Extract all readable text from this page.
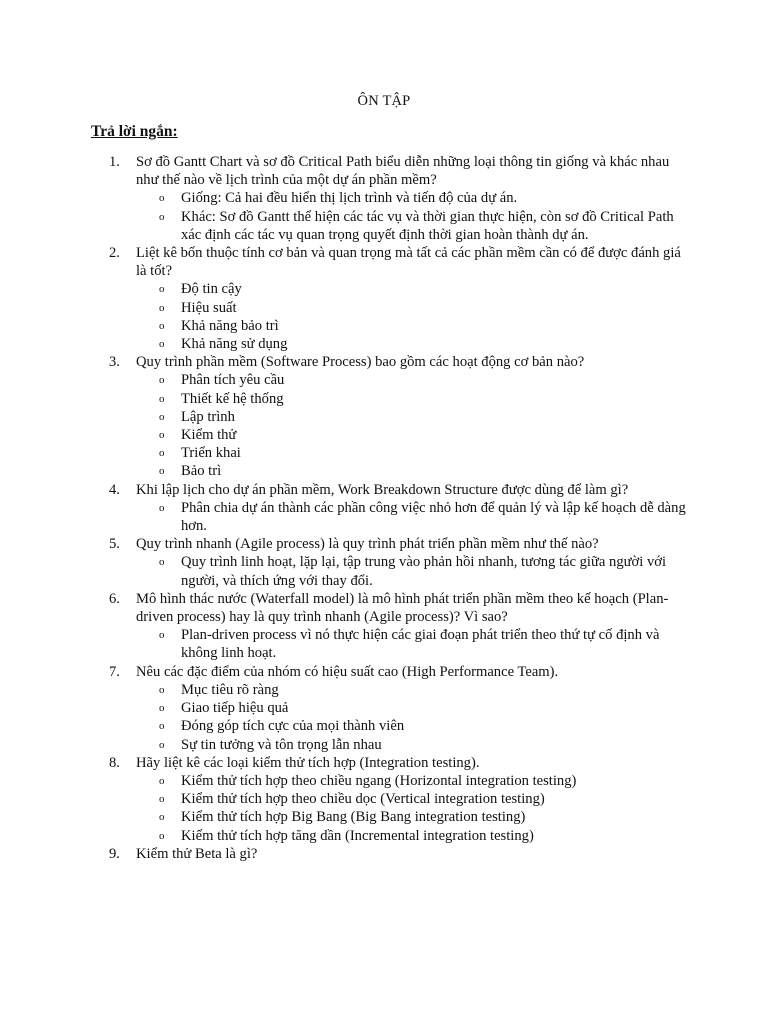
ÔN TẬP
Trả lời ngắn:
1.	Sơ đồ Gantt Chart và sơ đồ Critical Path biểu diễn những loại thông tin giống và khác nhau như thế nào về lịch trình của một dự án phần mềm?
o Giống: Cả hai đều hiển thị lịch trình và tiến độ của dự án.
o Khác: Sơ đồ Gantt thể hiện các tác vụ và thời gian thực hiện, còn sơ đồ Critical Path xác định các tác vụ quan trọng quyết định thời gian hoàn thành dự án.
2.	Liệt kê bốn thuộc tính cơ bản và quan trọng mà tất cả các phần mềm cần có để được đánh giá là tốt?
o Độ tin cậy
o Hiệu suất
o Khả năng bảo trì
o Khả năng sử dụng
3.	Quy trình phần mềm (Software Process) bao gồm các hoạt động cơ bản nào?
o Phân tích yêu cầu
o Thiết kế hệ thống
o Lập trình
o Kiểm thử
o Triển khai
o Bảo trì
4.	Khi lập lịch cho dự án phần mềm, Work Breakdown Structure được dùng để làm gì?
o Phân chia dự án thành các phần công việc nhỏ hơn để quản lý và lập kế hoạch dễ dàng hơn.
5.	Quy trình nhanh (Agile process) là quy trình phát triển phần mềm như thế nào?
o Quy trình linh hoạt, lặp lại, tập trung vào phản hồi nhanh, tương tác giữa người với người, và thích ứng với thay đổi.
6.	Mô hình thác nước (Waterfall model) là mô hình phát triển phần mềm theo kế hoạch (Plan-driven process) hay là quy trình nhanh (Agile process)? Vì sao?
o Plan-driven process vì nó thực hiện các giai đoạn phát triển theo thứ tự cố định và không linh hoạt.
7.	Nêu các đặc điểm của nhóm có hiệu suất cao (High Performance Team).
o Mục tiêu rõ ràng
o Giao tiếp hiệu quả
o Đóng góp tích cực của mọi thành viên
o Sự tin tưởng và tôn trọng lẫn nhau
8.	Hãy liệt kê các loại kiểm thử tích hợp (Integration testing).
o Kiểm thử tích hợp theo chiều ngang (Horizontal integration testing)
o Kiểm thử tích hợp theo chiều dọc (Vertical integration testing)
o Kiểm thử tích hợp Big Bang (Big Bang integration testing)
o Kiểm thử tích hợp tăng dần (Incremental integration testing)
9.	Kiểm thử Beta là gì?
